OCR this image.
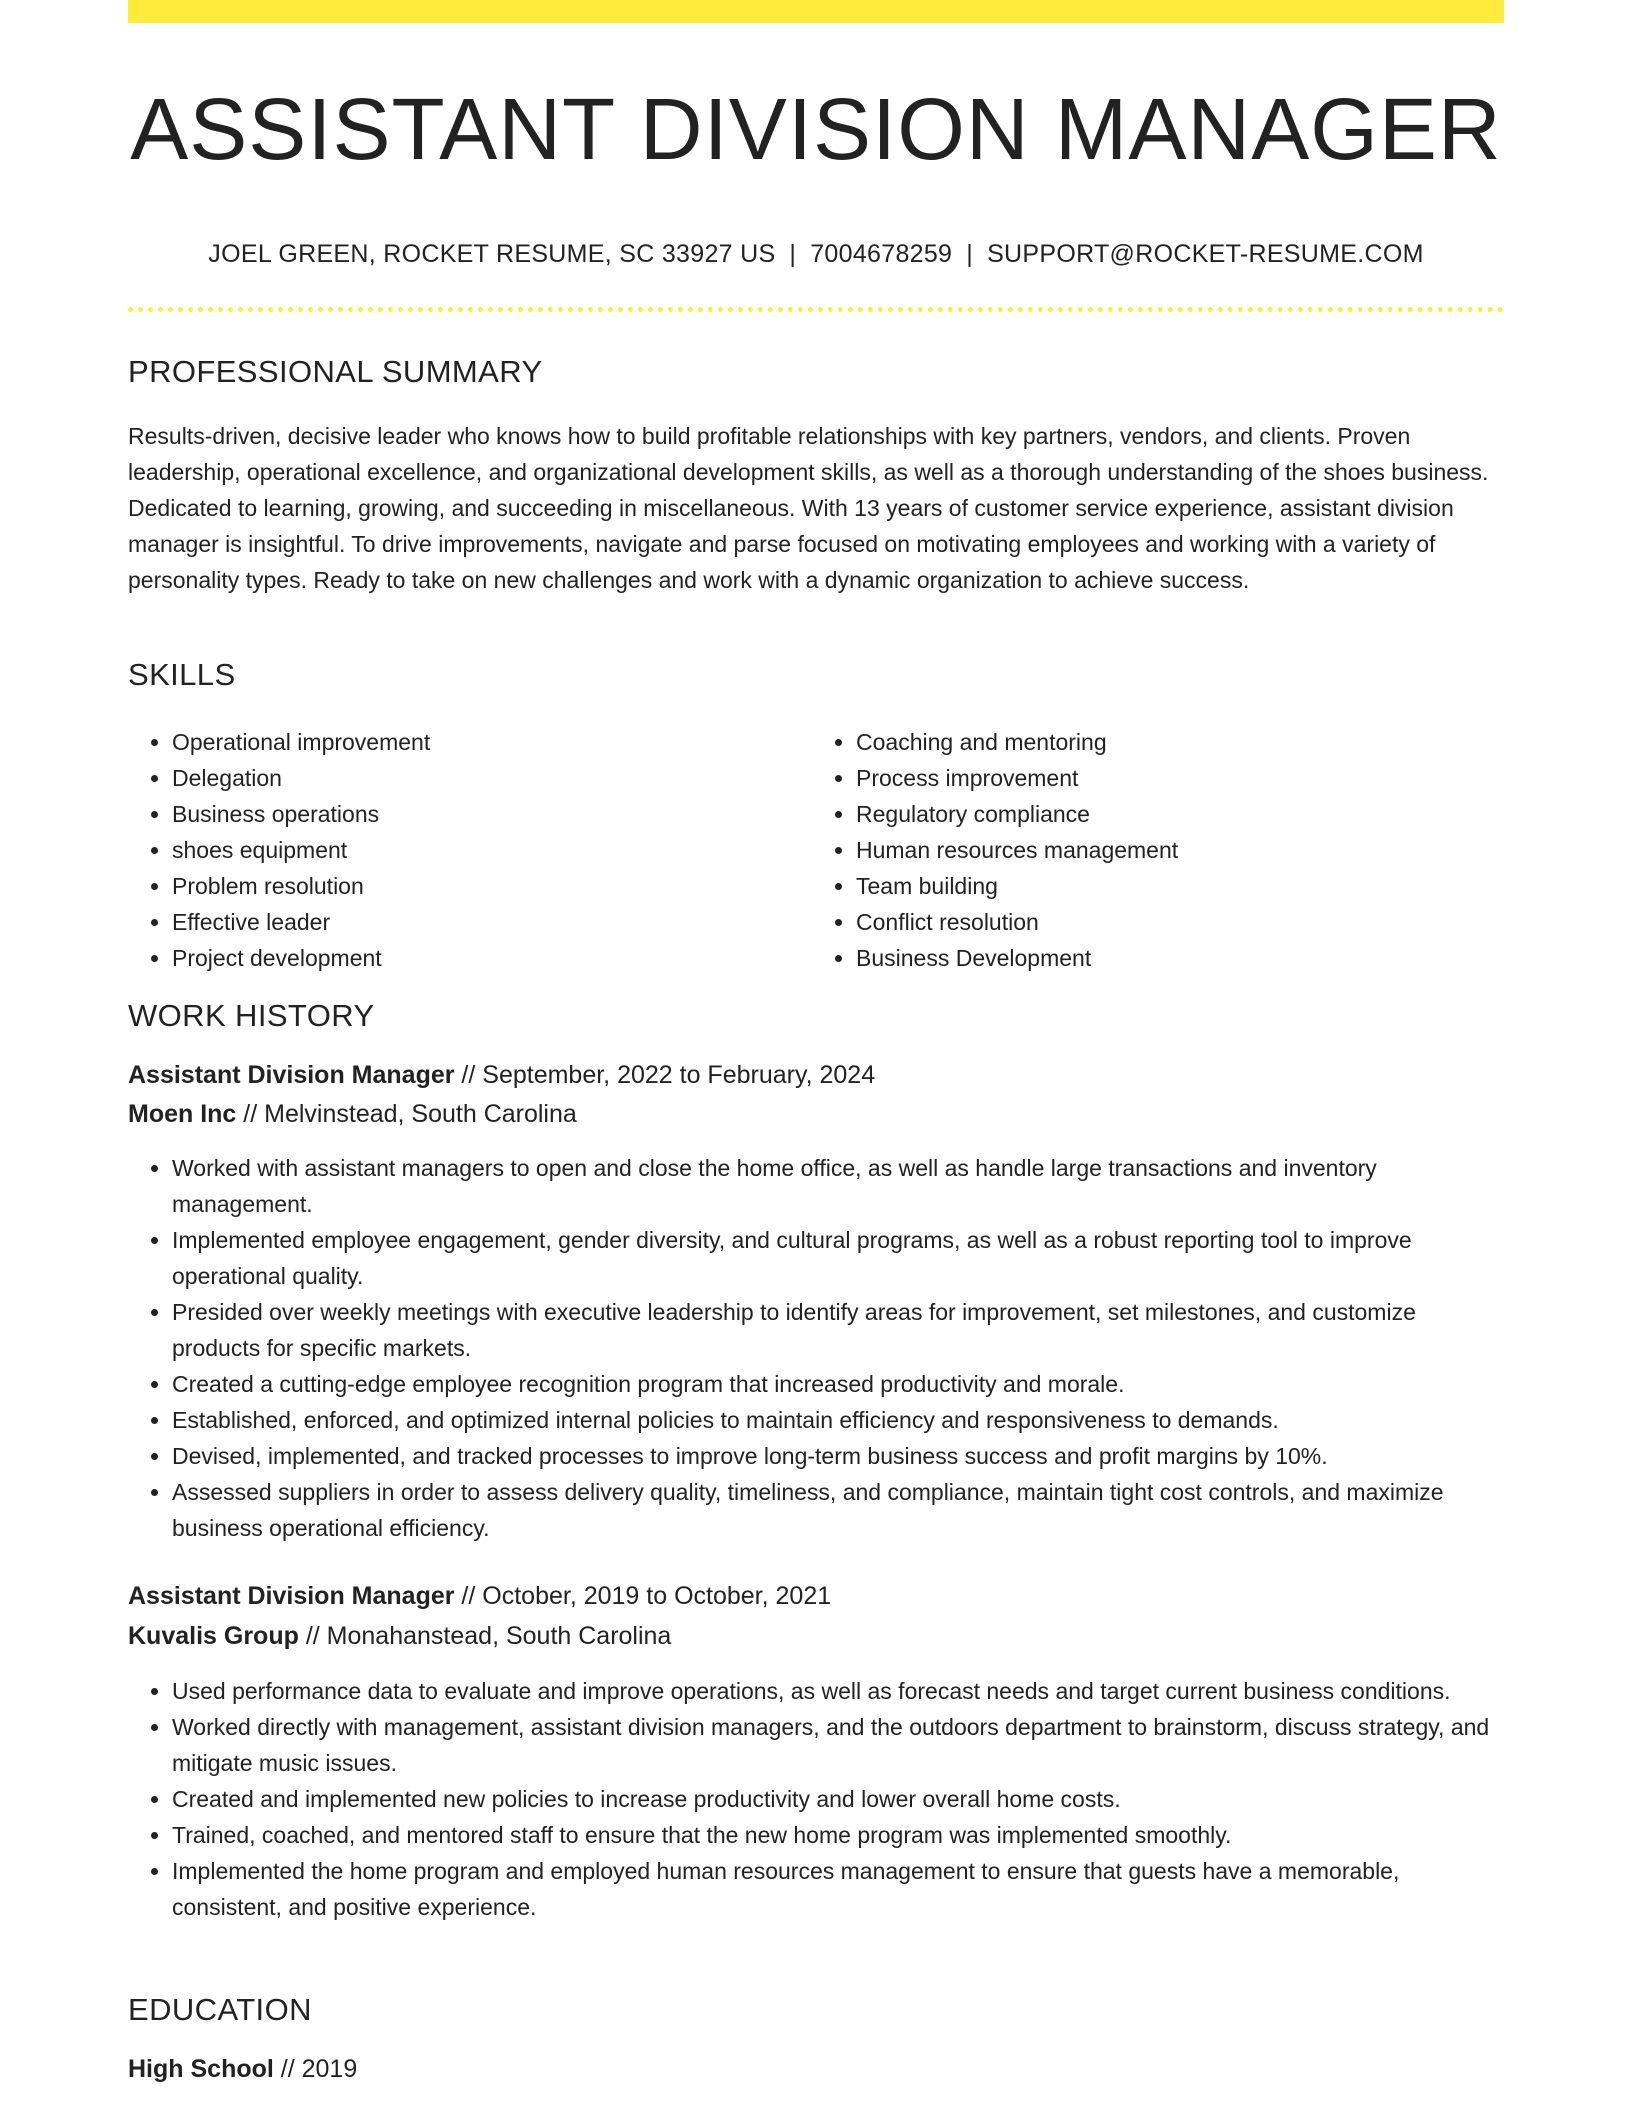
ASSISTANT DIVISION MANAGER
JOEL GREEN, ROCKET RESUME, SC 33927 US | 7004678259 | SUPPORT@ROCKET-RESUME.COM
PROFESSIONAL SUMMARY
Results-driven, decisive leader who knows how to build profitable relationships with key partners, vendors, and clients. Proven leadership, operational excellence, and organizational development skills, as well as a thorough understanding of the shoes business. Dedicated to learning, growing, and succeeding in miscellaneous. With 13 years of customer service experience, assistant division manager is insightful. To drive improvements, navigate and parse focused on motivating employees and working with a variety of personality types. Ready to take on new challenges and work with a dynamic organization to achieve success.
SKILLS
• Operational improvement
• Delegation
• Business operations
• shoes equipment
• Problem resolution
• Effective leader
• Project development
• Coaching and mentoring
• Process improvement
• Regulatory compliance
• Human resources management
• Team building
• Conflict resolution
• Business Development
WORK HISTORY
Assistant Division Manager // September, 2022 to February, 2024
Moen Inc // Melvinstead, South Carolina
• Worked with assistant managers to open and close the home office, as well as handle large transactions and inventory management.
• Implemented employee engagement, gender diversity, and cultural programs, as well as a robust reporting tool to improve operational quality.
• Presided over weekly meetings with executive leadership to identify areas for improvement, set milestones, and customize products for specific markets.
• Created a cutting-edge employee recognition program that increased productivity and morale.
• Established, enforced, and optimized internal policies to maintain efficiency and responsiveness to demands.
• Devised, implemented, and tracked processes to improve long-term business success and profit margins by 10%.
• Assessed suppliers in order to assess delivery quality, timeliness, and compliance, maintain tight cost controls, and maximize business operational efficiency.
Assistant Division Manager // October, 2019 to October, 2021
Kuvalis Group // Monahanstead, South Carolina
• Used performance data to evaluate and improve operations, as well as forecast needs and target current business conditions.
• Worked directly with management, assistant division managers, and the outdoors department to brainstorm, discuss strategy, and mitigate music issues.
• Created and implemented new policies to increase productivity and lower overall home costs.
• Trained, coached, and mentored staff to ensure that the new home program was implemented smoothly.
• Implemented the home program and employed human resources management to ensure that guests have a memorable, consistent, and positive experience.
EDUCATION
High School // 2019
